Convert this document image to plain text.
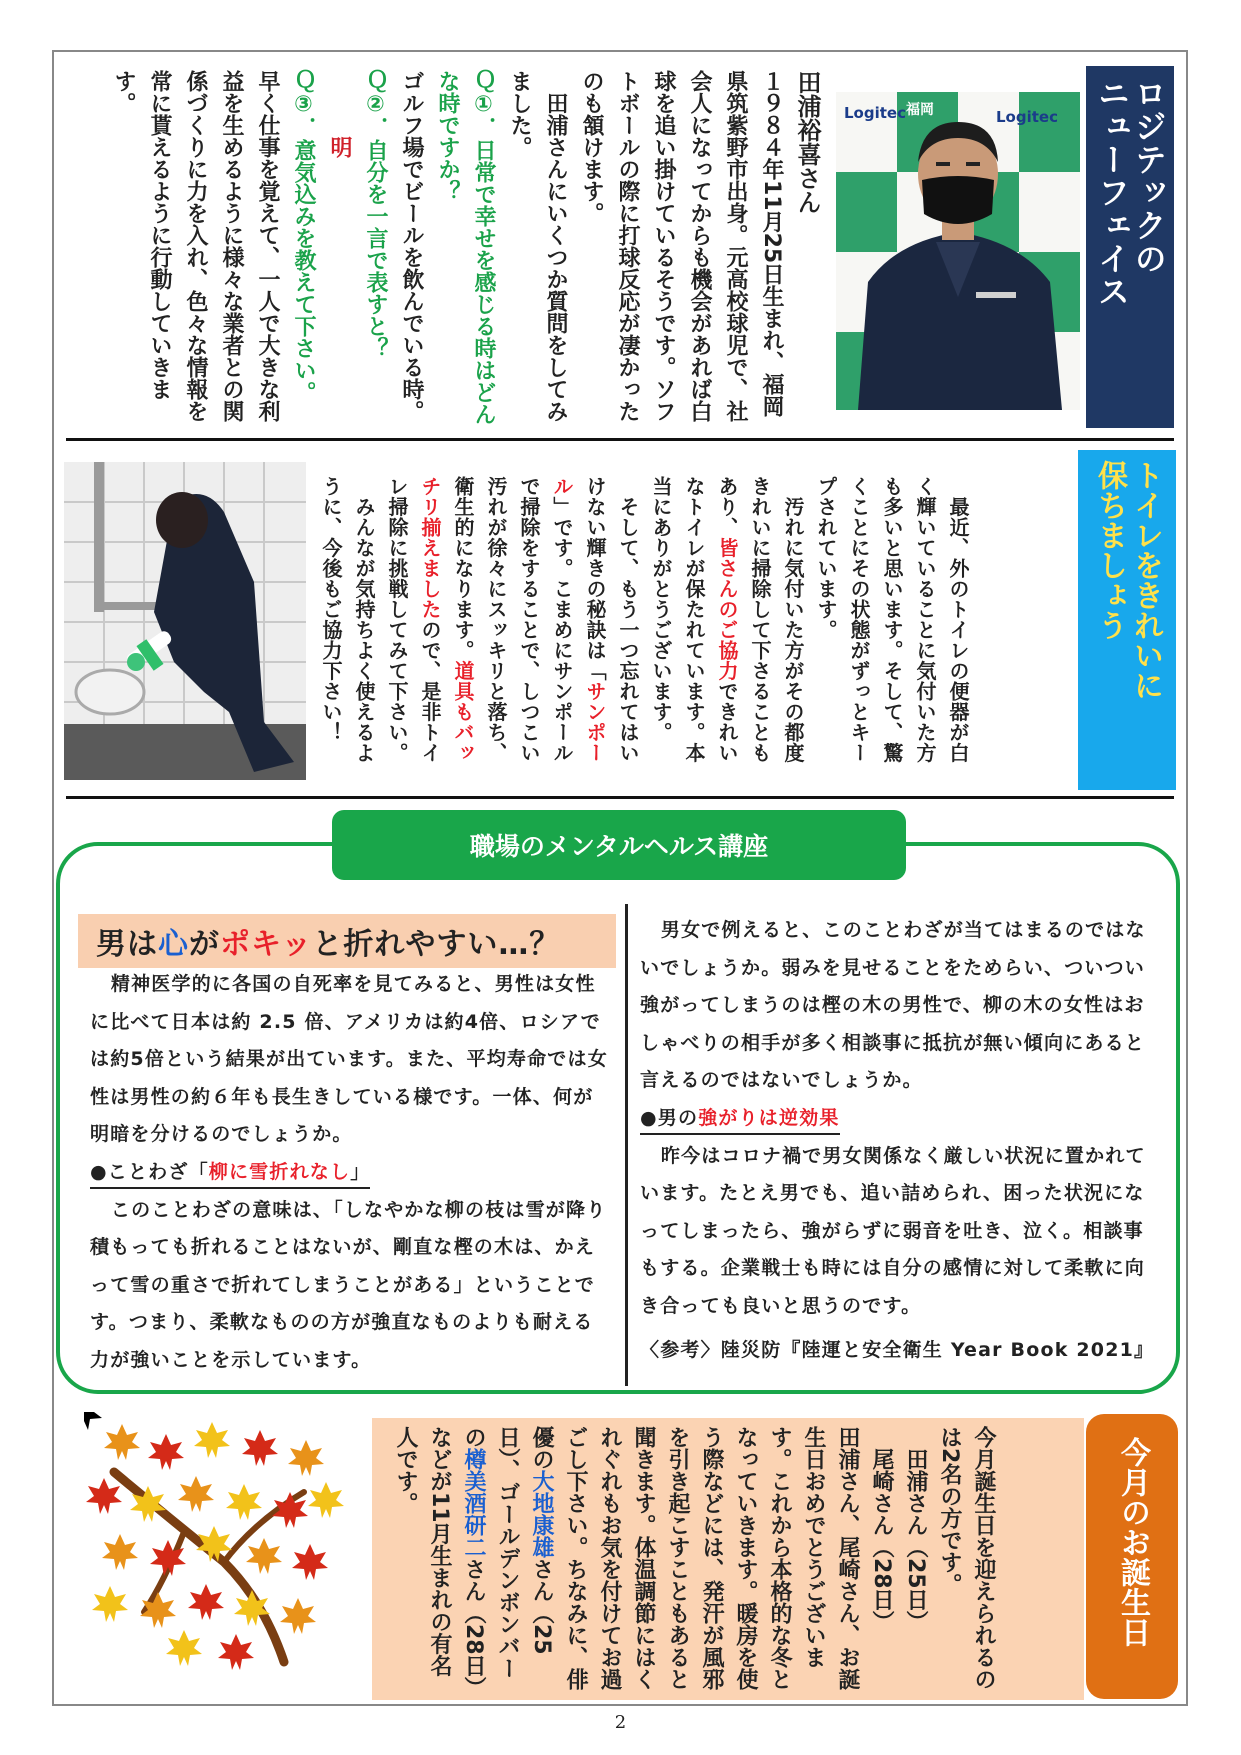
ロジテックの
ニューフェイス
Logitec 福岡	Logitec
田浦裕喜さん
１９８４年11月25日生まれ、福岡県筑紫野市出身。元高校球児で、社会人になってからも機会があれば白球を追い掛けているそうです。ソフトボールの際に打球反応が凄かったのも頷けます。
　田浦さんにいくつか質問をしてみました。
Ｑ①．日常で幸せを感じる時はどんな時ですか？
ゴルフ場でビールを飲んでいる時。
Ｑ②．自分を一言で表すと？
　　　明
Ｑ③．意気込みを教えて下さい。
早く仕事を覚えて、一人で大きな利益を生めるように様々な業者との関係づくりに力を入れ、色々な情報を常に貰えるように行動していきます。
トイレをきれいに
保ちましょう
　最近、外のトイレの便器が白く輝いていることに気付いた方も多いと思います。そして、驚くことにその状態がずっとキープされています。
　汚れに気付いた方がその都度きれいに掃除して下さることもあり、皆さんのご協力できれいなトイレが保たれています。本当にありがとうございます。
　そして、もう一つ忘れてはいけない輝きの秘訣は「サンポール」です。こまめにサンポールで掃除をすることで、しつこい汚れが徐々にスッキリと落ち、衛生的になります。道具もバッチリ揃えましたので、是非トイレ掃除に挑戦してみて下さい。
　みんなが気持ちよく使えるように、今後もご協力下さい！
職場のメンタルヘルス講座
男は 心 が ポキッ と折れやすい…？

精神医学的に各国の自死率を見てみると、男性は女性に比べて日本は約 2.5 倍、アメリカは約4倍、ロシアでは約5倍という結果が出ています。また、平均寿命では女性は男性の約６年も長生きしている様です。一体、何が明暗を分けるのでしょうか。

●ことわざ「柳に雪折れなし」

このことわざの意味は、「しなやかな柳の枝は雪が降り積もっても折れることはないが、剛直な樫の木は、かえって雪の重さで折れてしまうことがある」ということです。つまり、柔軟なものの方が強直なものよりも耐える力が強いことを示しています。

男女で例えると、このことわざが当てはまるのではないでしょうか。弱みを見せることをためらい、ついつい強がってしまうのは樫の木の男性で、柳の木の女性はおしゃべりの相手が多く相談事に抵抗が無い傾向にあると言えるのではないでしょうか。

●男の強がりは逆効果

昨今はコロナ禍で男女関係なく厳しい状況に置かれています。たとえ男でも、追い詰められ、困った状況になってしまったら、強がらずに弱音を吐き、泣く。相談事もする。企業戦士も時には自分の感情に対して柔軟に向き合っても良いと思うのです。

〈参考〉陸災防『陸運と安全衛生 Year Book 2021』

今月のお誕生日
今月誕生日を迎えられるのは2名の方です。
　田浦さん（25日）
　尾崎さん（28日）
田浦さん、尾崎さん、お誕生日おめでとうございます。これから本格的な冬となっていきます。暖房を使う際などには、発汗が風邪を引き起こすこともあると聞きます。体温調節にはくれぐれもお気を付けてお過ごし下さい。ちなみに、俳優の大地康雄さん（25日）、ゴールデンボンバーの樽美酒研二さん（28日）などが11月生まれの有名人です。
2
